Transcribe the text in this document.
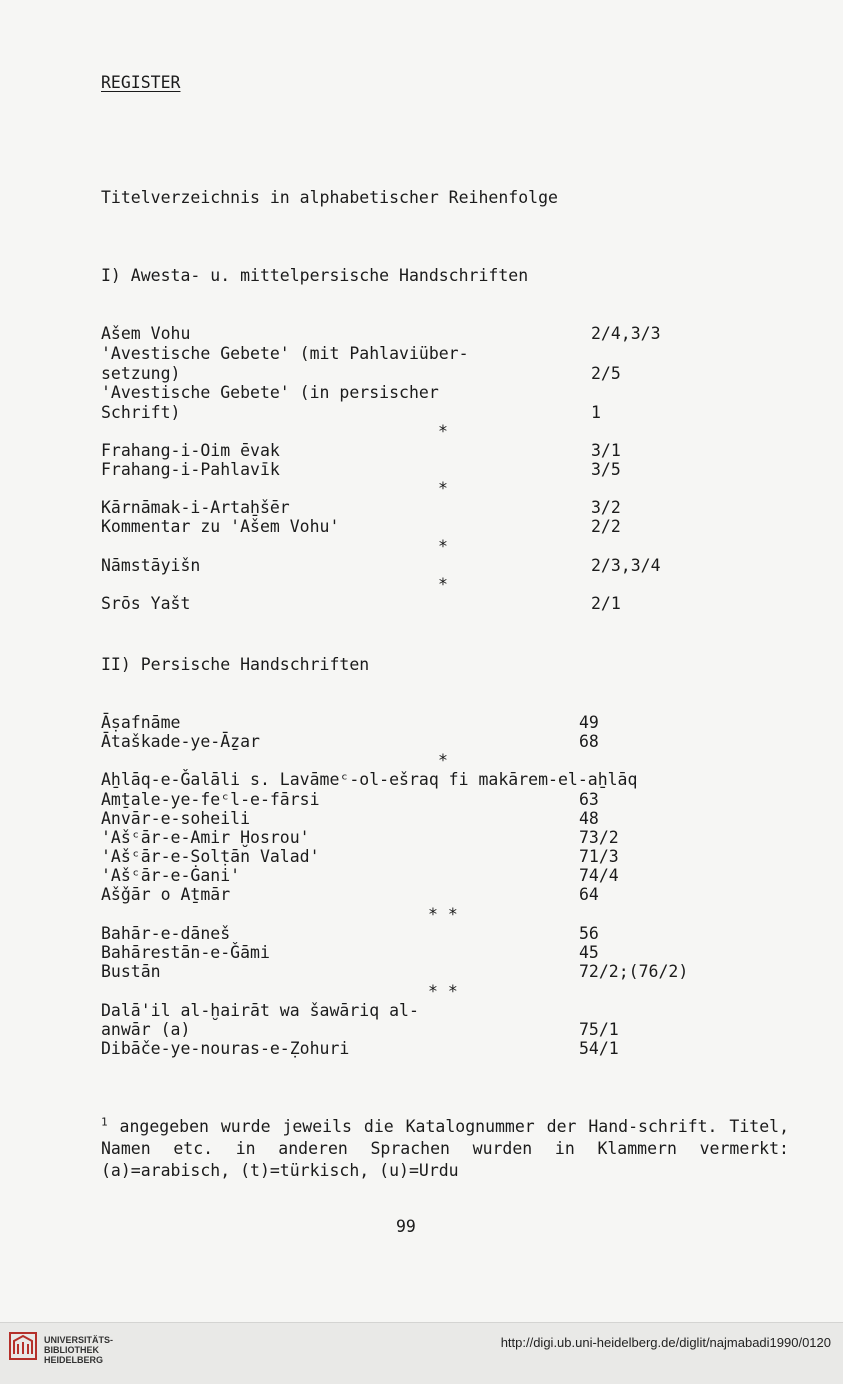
REGISTER
Titelverzeichnis in alphabetischer Reihenfolge
I) Awesta- u. mittelpersische Handschriften
Ašem Vohu	2/4,3/3
'Avestische Gebete' (mit Pahlaviüber-
setzung)	2/5
'Avestische Gebete' (in persischer
Schrift)	1
*
Frahang-i-Oim ēvak	3/1
Frahang-i-Pahlavīk	3/5
*
Kārnāmak-i-Artaẖšēr	3/2
Kommentar zu 'Ašem Vohu'	2/2
*
Nāmstāyišn	2/3,3/4
*
Srōs Yašt	2/1
II) Persische Handschriften
Āṣafnāme	49
Ātaškade-ye-Āẕar	68
*
Aẖlāq-e-Ǧalāli s. Lavāmeᶜ-ol-ešraq fi makārem-el-aẖlāq
Amṯale-ye-feᶜl-e-fārsi	63
Anvār-e-soheili	48
'Ašᶜār-e-Amir Ḫosrou'	73/2
'Ašᶜār-e-Solṭān Valad'	71/3
'Ašᶜār-e-Ġani'	74/4
Ašǧār o Aṯmār	64
* *
Bahār-e-dāneš	56
Bahārestān-e-Ǧāmi	45
Bustān	72/2;(76/2)
* *
Dalā'il al-ḫairāt wa šawāriq al-
anwār (a)	75/1
Dibāče-ye-nouras-e-Ẓohuri	54/1
$^1$ angegeben wurde jeweils die Katalognummer der Hand-schrift. Titel, Namen etc. in anderen Sprachen wurden in Klammern vermerkt: (a)=arabisch, (t)=türkisch, (u)=Urdu
99
UNIVERSITÄTS-
BIBLIOTHEK
HEIDELBERG
http://digi.ub.uni-heidelberg.de/diglit/najmabadi1990/0120
